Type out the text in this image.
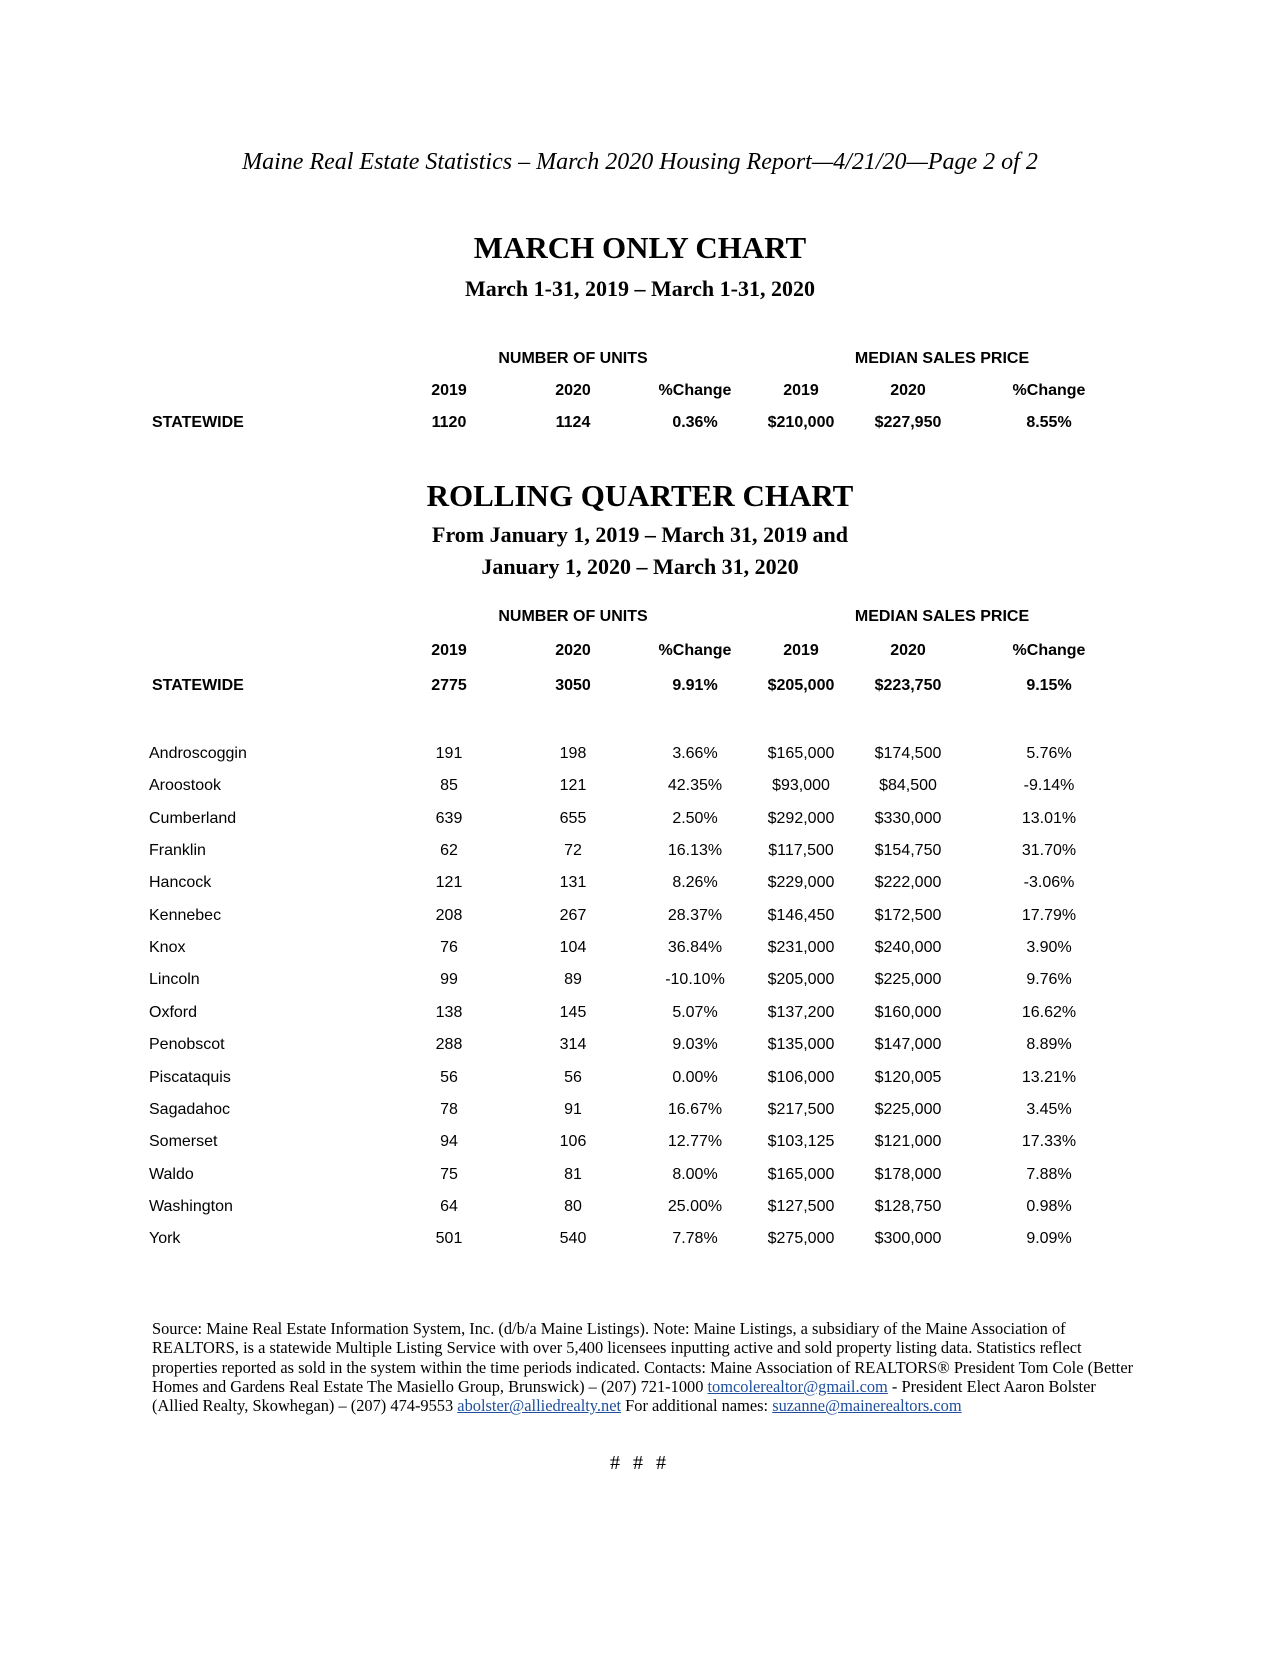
Maine Real Estate Statistics – March 2020 Housing Report—4/21/20—Page 2 of 2
MARCH ONLY CHART
March 1-31, 2019 – March 1-31, 2020
NUMBER OF UNITS	MEDIAN SALES PRICE
2019	2020	%Change	2019	2020	%Change
STATEWIDE	1120	1124	0.36%	$210,000	$227,950	8.55%
ROLLING QUARTER CHART
From January 1, 2019 – March 31, 2019 and
January 1, 2020 – March 31, 2020
NUMBER OF UNITS	MEDIAN SALES PRICE
2019	2020	%Change	2019	2020	%Change
STATEWIDE	2775	3050	9.91%	$205,000	$223,750	9.15%
Androscoggin	191	198	3.66%	$165,000	$174,500	5.76%
Aroostook	85	121	42.35%	$93,000	$84,500	-9.14%
Cumberland	639	655	2.50%	$292,000	$330,000	13.01%
Franklin	62	72	16.13%	$117,500	$154,750	31.70%
Hancock	121	131	8.26%	$229,000	$222,000	-3.06%
Kennebec	208	267	28.37%	$146,450	$172,500	17.79%
Knox	76	104	36.84%	$231,000	$240,000	3.90%
Lincoln	99	89	-10.10%	$205,000	$225,000	9.76%
Oxford	138	145	5.07%	$137,200	$160,000	16.62%
Penobscot	288	314	9.03%	$135,000	$147,000	8.89%
Piscataquis	56	56	0.00%	$106,000	$120,005	13.21%
Sagadahoc	78	91	16.67%	$217,500	$225,000	3.45%
Somerset	94	106	12.77%	$103,125	$121,000	17.33%
Waldo	75	81	8.00%	$165,000	$178,000	7.88%
Washington	64	80	25.00%	$127,500	$128,750	0.98%
York	501	540	7.78%	$275,000	$300,000	9.09%
Source: Maine Real Estate Information System, Inc. (d/b/a Maine Listings). Note: Maine Listings, a subsidiary of the Maine Association of REALTORS, is a statewide Multiple Listing Service with over 5,400 licensees inputting active and sold property listing data. Statistics reflect properties reported as sold in the system within the time periods indicated. Contacts: Maine Association of REALTORS® President Tom Cole (Better Homes and Gardens Real Estate The Masiello Group, Brunswick) – (207) 721-1000 tomcolerealtor@gmail.com - President Elect Aaron Bolster (Allied Realty, Skowhegan) – (207) 474-9553 abolster@alliedrealty.net For additional names: suzanne@mainerealtors.com
# # #
